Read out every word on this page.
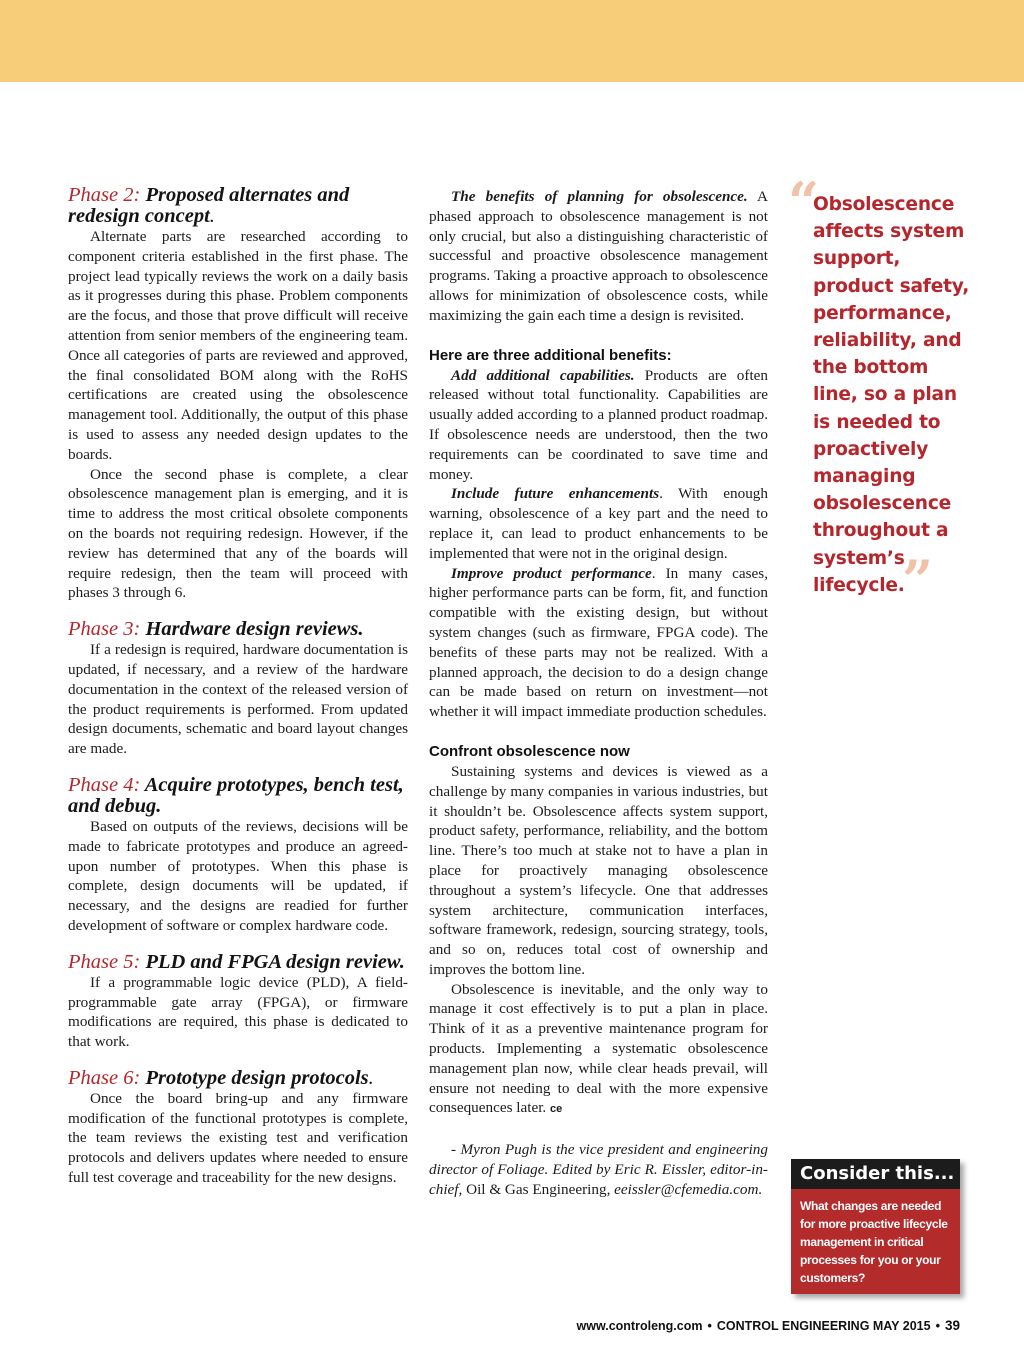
Phase 2: Proposed alternates and redesign concept.

Alternate parts are researched according to component criteria established in the first phase. The project lead typically reviews the work on a daily basis as it progresses during this phase. Problem components are the focus, and those that prove difficult will receive attention from senior members of the engineering team. Once all categories of parts are reviewed and approved, the final consolidated BOM along with the RoHS certifications are created using the obsolescence management tool. Additionally, the output of this phase is used to assess any needed design updates to the boards.

Once the second phase is complete, a clear obsolescence management plan is emerging, and it is time to address the most critical obsolete components on the boards not requiring redesign. However, if the review has determined that any of the boards will require redesign, then the team will proceed with phases 3 through 6.

Phase 3: Hardware design reviews.

If a redesign is required, hardware documentation is updated, if necessary, and a review of the hardware documentation in the context of the released version of the product requirements is performed. From updated design documents, schematic and board layout changes are made.

Phase 4: Acquire prototypes, bench test, and debug.

Based on outputs of the reviews, decisions will be made to fabricate prototypes and produce an agreed-upon number of prototypes. When this phase is complete, design documents will be updated, if necessary, and the designs are readied for further development of software or complex hardware code.

Phase 5: PLD and FPGA design review.

If a programmable logic device (PLD), A field-programmable gate array (FPGA), or firmware modifications are required, this phase is dedicated to that work.

Phase 6: Prototype design protocols.

Once the board bring-up and any firmware modification of the functional prototypes is complete, the team reviews the existing test and verification protocols and delivers updates where needed to ensure full test coverage and traceability for the new designs.

The benefits of planning for obsolescence. A phased approach to obsolescence management is not only crucial, but also a distinguishing characteristic of successful and proactive obsolescence management programs. Taking a proactive approach to obsolescence allows for minimization of obsolescence costs, while maximizing the gain each time a design is revisited.

Here are three additional benefits:

Add additional capabilities. Products are often released without total functionality. Capabilities are usually added according to a planned product roadmap. If obsolescence needs are understood, then the two requirements can be coordinated to save time and money.

Include future enhancements. With enough warning, obsolescence of a key part and the need to replace it, can lead to product enhancements to be implemented that were not in the original design.

Improve product performance. In many cases, higher performance parts can be form, fit, and function compatible with the existing design, but without system changes (such as firmware, FPGA code). The benefits of these parts may not be realized. With a planned approach, the decision to do a design change can be made based on return on investment—not whether it will impact immediate production schedules.

Confront obsolescence now

Sustaining systems and devices is viewed as a challenge by many companies in various industries, but it shouldn’t be. Obsolescence affects system support, product safety, performance, reliability, and the bottom line. There’s too much at stake not to have a plan in place for proactively managing obsolescence throughout a system’s lifecycle. One that addresses system architecture, communication interfaces, software framework, redesign, sourcing strategy, tools, and so on, reduces total cost of ownership and improves the bottom line.

Obsolescence is inevitable, and the only way to manage it cost effectively is to put a plan in place. Think of it as a preventive maintenance program for products. Implementing a systematic obsolescence management plan now, while clear heads prevail, will ensure not needing to deal with the more expensive consequences later. ce

- Myron Pugh is the vice president and engineering director of Foliage. Edited by Eric R. Eissler, editor-in-chief, Oil & Gas Engineering, eeissler@cfemedia.com.

“
Obsolescence affects system support, product safety, performance, reliability, and the bottom line, so a plan is needed to proactively managing obsolescence throughout a system’s lifecycle.
”
Consider this...
What changes are needed for more proactive lifecycle management in critical processes for you or your customers?
www.controleng.com • CONTROL ENGINEERING MAY 2015 • 39
